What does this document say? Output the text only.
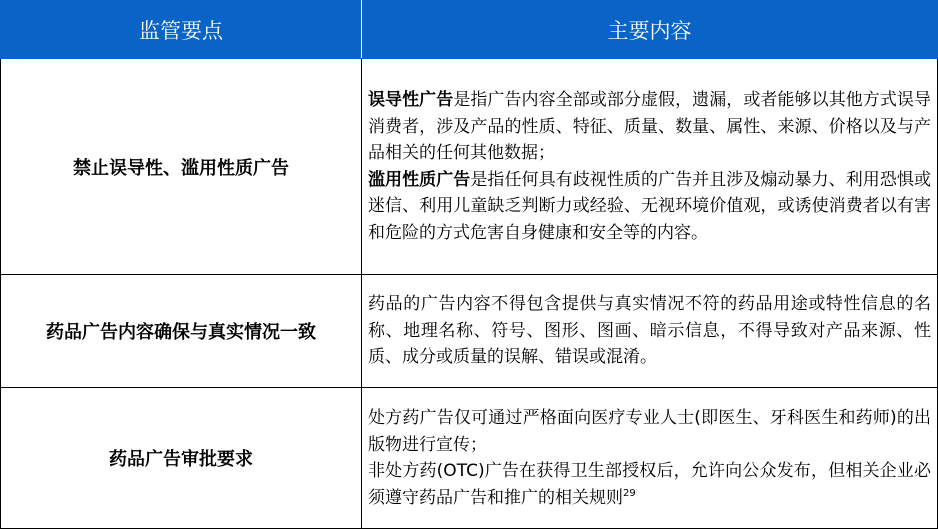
监管要点	主要内容
禁止误导性、滥用性质广告	误导性广告是指广告内容全部或部分虚假，遗漏，或者能够以其他方式误导消费者，涉及产品的性质、特征、质量、数量、属性、来源、价格以及与产品相关的任何其他数据；
滥用性质广告是指任何具有歧视性质的广告并且涉及煽动暴力、利用恐惧或迷信、利用儿童缺乏判断力或经验、无视环境价值观，或诱使消费者以有害和危险的方式危害自身健康和安全等的内容。

药品广告内容确保与真实情况一致	药品的广告内容不得包含提供与真实情况不符的药品用途或特性信息的名称、地理名称、符号、图形、图画、暗示信息，不得导致对产品来源、性质、成分或质量的误解、错误或混淆。
药品广告审批要求	处方药广告仅可通过严格面向医疗专业人士(即医生、牙科医生和药师)的出版物进行宣传；
非处方药(OTC)广告在获得卫生部授权后，允许向公众发布，但相关企业必须遵守药品广告和推广的相关规则$^{29}$
